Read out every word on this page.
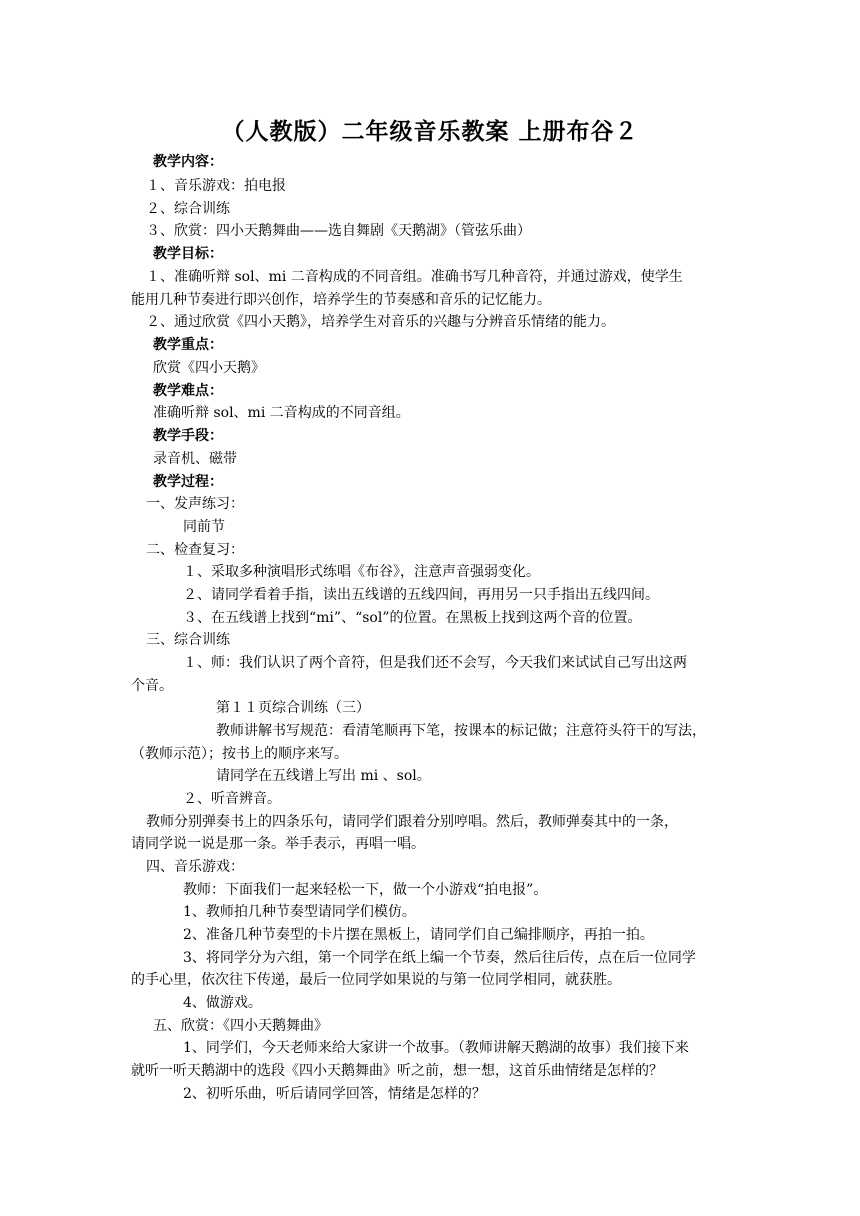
（人教版）二年级音乐教案 上册布谷２
教学内容：
１、音乐游戏：拍电报
２、综合训练
３、欣赏：四小天鹅舞曲——选自舞剧《天鹅湖》（管弦乐曲）
教学目标：
１、准确听辩 sol、mi 二音构成的不同音组。准确书写几种音符，并通过游戏，使学生
能用几种节奏进行即兴创作，培养学生的节奏感和音乐的记忆能力。
２、通过欣赏《四小天鹅》，培养学生对音乐的兴趣与分辨音乐情绪的能力。
教学重点：
欣赏《四小天鹅》
教学难点：
准确听辩 sol、mi 二音构成的不同音组。
教学手段：
录音机、磁带
教学过程：
一、发声练习：
同前节
二、检查复习：
１、采取多种演唱形式练唱《布谷》，注意声音强弱变化。
２、请同学看着手指，读出五线谱的五线四间，再用另一只手指出五线四间。
３、在五线谱上找到“mi”、“sol”的位置。在黑板上找到这两个音的位置。
三、综合训练
１、师：我们认识了两个音符，但是我们还不会写，今天我们来试试自己写出这两
个音。
第１１页综合训练（三）
教师讲解书写规范：看清笔顺再下笔，按课本的标记做；注意符头符干的写法，
（教师示范）；按书上的顺序来写。
请同学在五线谱上写出 mi 、sol。
２、听音辨音。
教师分别弹奏书上的四条乐句，请同学们跟着分别哼唱。然后，教师弹奏其中的一条，
请同学说一说是那一条。举手表示，再唱一唱。
四、音乐游戏：
教师：下面我们一起来轻松一下，做一个小游戏“拍电报”。
1、教师拍几种节奏型请同学们模仿。
2、准备几种节奏型的卡片摆在黑板上，请同学们自己编排顺序，再拍一拍。
3、将同学分为六组，第一个同学在纸上编一个节奏，然后往后传，点在后一位同学
的手心里，依次往下传递，最后一位同学如果说的与第一位同学相同，就获胜。
4、做游戏。
五、欣赏：《四小天鹅舞曲》
1、同学们，今天老师来给大家讲一个故事。（教师讲解天鹅湖的故事）我们接下来
就听一听天鹅湖中的选段《四小天鹅舞曲》听之前，想一想，这首乐曲情绪是怎样的？
2、初听乐曲，听后请同学回答，情绪是怎样的？
